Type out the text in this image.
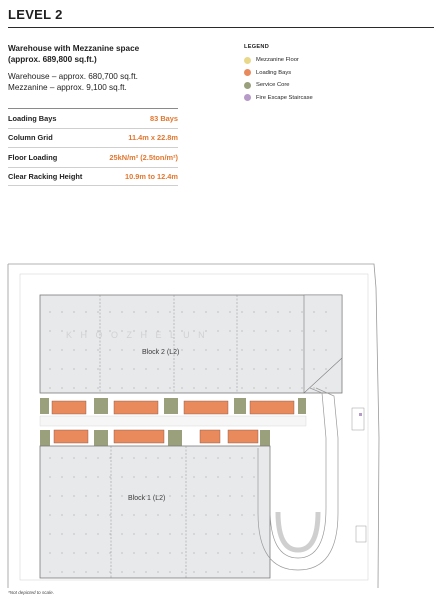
LEVEL 2
Warehouse with Mezzanine space
(approx. 689,800 sq.ft.)
Warehouse – approx. 680,700 sq.ft.
Mezzanine – approx. 9,100 sq.ft.
LEGEND
Mezzanine Floor
Loading Bays
Service Core
Fire Escape Staircase
Loading Bays	83 Bays
Column Grid	11.4m x 22.8m
Floor Loading	25kN/m² (2.5ton/m²)
Clear Racking Height	10.9m to 12.4m
Block 2 (L2)
Block 1 (L2)
K H O O Z H E L U N
*Not depicted to scale.
